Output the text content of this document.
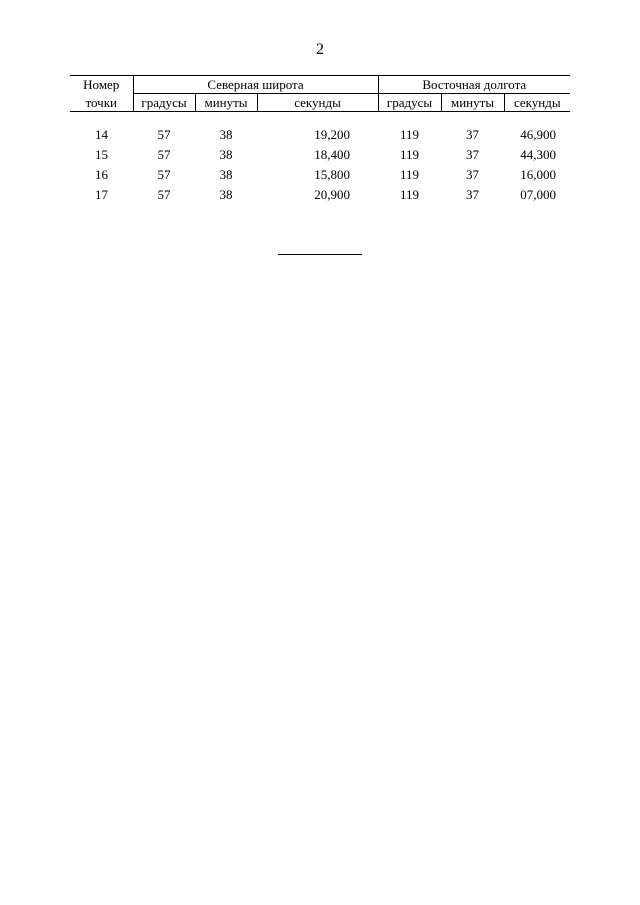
2
Номер	Северная широта			Восточная долгота		
точки	градусы	минуты	секунды	градусы	минуты	секунды

14	57	38	19,200	119	37	46,900
15	57	38	18,400	119	37	44,300
16	57	38	15,800	119	37	16,000
17	57	38	20,900	119	37	07,000
